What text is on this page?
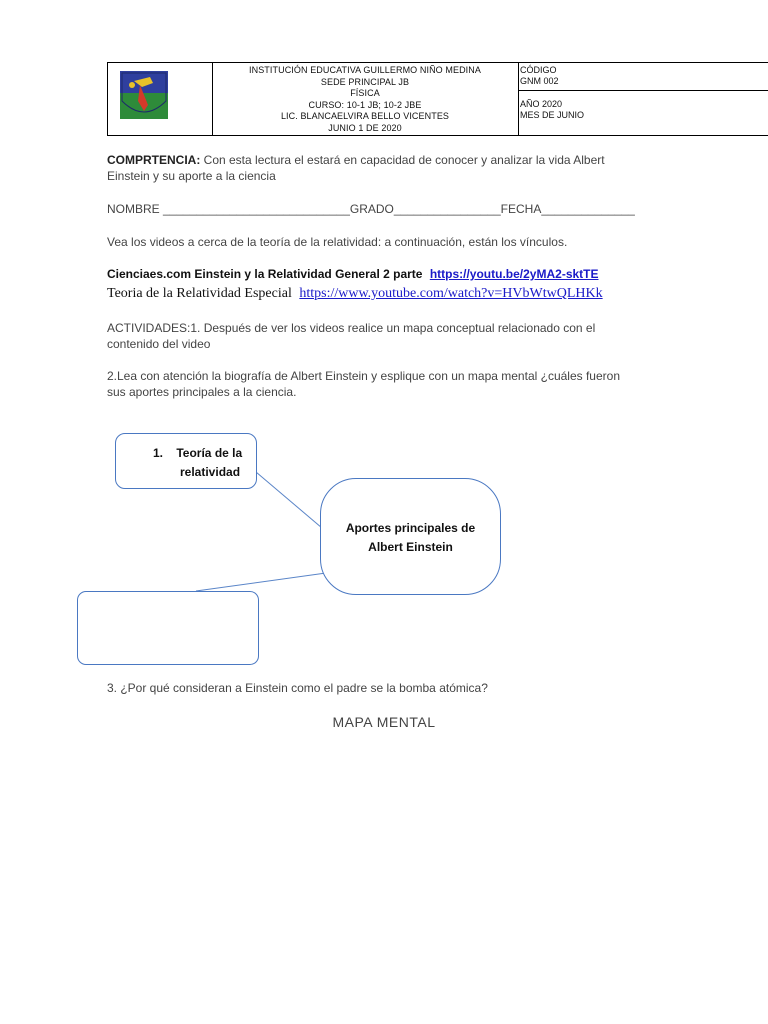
INSTITUCIÓN EDUCATIVA GUILLERMO NIÑO MEDINA
SEDE PRINCIPAL JB
FÍSICA
CURSO: 10-1 JB; 10-2 JBE
LIC. BLANCAELVIRA BELLO VICENTES
JUNIO 1 DE 2020
CÓDIGO
GNM 002
AÑO 2020
MES DE JUNIO
COMPRTENCIA: Con esta lectura el estará en capacidad de conocer y analizar la vida Albert
Einstein y su aporte a la ciencia
NOMBRE ____________________________GRADO________________FECHA______________
Vea los videos a cerca de la teoría de la relatividad: a continuación, están los vínculos.
Cienciaes.com Einstein y la Relatividad General 2 parte https://youtu.be/2yMA2-sktTE
Teoria de la Relatividad Especial https://www.youtube.com/watch?v=HVbWtwQLHKk
ACTIVIDADES:1. Después de ver los videos realice un mapa conceptual relacionado con el
contenido del video
2.Lea con atención la biografía de Albert Einstein y esplique con un mapa mental ¿cuáles fueron
sus aportes principales a la ciencia.
1. Teoría de la
relatividad
Aportes principales de
Albert Einstein
3. ¿Por qué consideran a Einstein como el padre se la bomba atómica?
MAPA MENTAL
